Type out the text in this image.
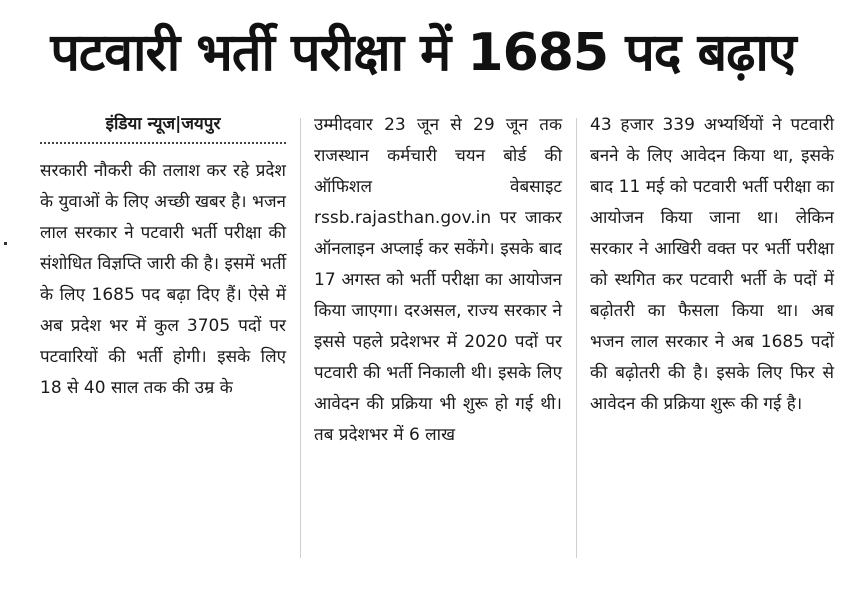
पटवारी भर्ती परीक्षा में 1685 पद बढ़ाए
इंडिया न्यूज|जयपुर

सरकारी नौकरी की तलाश कर रहे प्रदेश के युवाओं के लिए अच्छी खबर है। भजन लाल सरकार ने पटवारी भर्ती परीक्षा की संशोधित विज्ञप्ति जारी की है। इसमें भर्ती के लिए 1685 पद बढ़ा दिए हैं। ऐसे में अब प्रदेश भर में कुल 3705 पदों पर पटवारियों की भर्ती होगी। इसके लिए 18 से 40 साल तक की उम्र के

उम्मीदवार 23 जून से 29 जून तक राजस्थान कर्मचारी चयन बोर्ड की ऑफिशल वेबसाइट rssb.rajasthan.gov.in पर जाकर ऑनलाइन अप्लाई कर सकेंगे। इसके बाद 17 अगस्त को भर्ती परीक्षा का आयोजन किया जाएगा। दरअसल, राज्य सरकार ने इससे पहले प्रदेशभर में 2020 पदों पर पटवारी की भर्ती निकाली थी। इसके लिए आवेदन की प्रक्रिया भी शुरू हो गई थी। तब प्रदेशभर में 6 लाख

43 हजार 339 अभ्यर्थियों ने पटवारी बनने के लिए आवेदन किया था, इसके बाद 11 मई को पटवारी भर्ती परीक्षा का आयोजन किया जाना था। लेकिन सरकार ने आखिरी वक्त पर भर्ती परीक्षा को स्थगित कर पटवारी भर्ती के पदों में बढ़ोतरी का फैसला किया था। अब भजन लाल सरकार ने अब 1685 पदों की बढ़ोतरी की है। इसके लिए फिर से आवेदन की प्रक्रिया शुरू की गई है।
